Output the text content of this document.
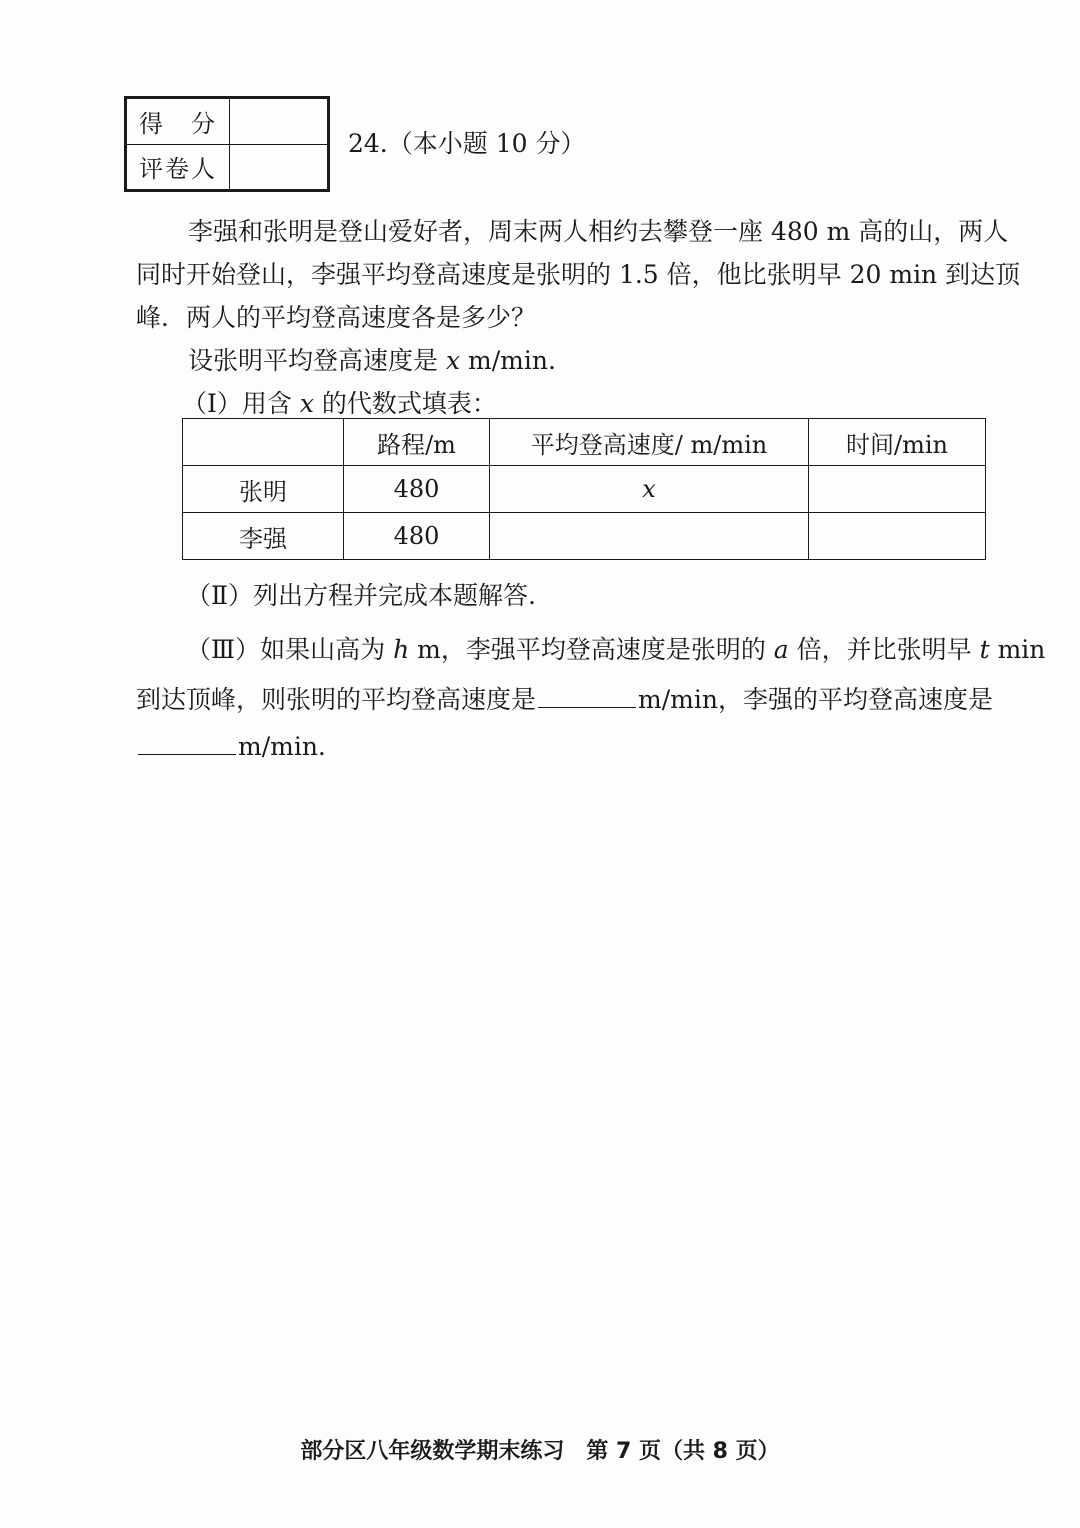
得　分	
评卷人	
24.（本小题 10 分）
李强和张明是登山爱好者，周末两人相约去攀登一座 480 m 高的山，两人
同时开始登山，李强平均登高速度是张明的 1.5 倍，他比张明早 20 min 到达顶
峰．两人的平均登高速度各是多少？
设张明平均登高速度是 x m/min.
（Ⅰ）用含 x 的代数式填表：
	路程/m	平均登高速度/ m/min	时间/min
张明	480	x	
李强	480		
（Ⅱ）列出方程并完成本题解答.
（Ⅲ）如果山高为 h m，李强平均登高速度是张明的 a 倍，并比张明早 t min
到达顶峰，则张明的平均登高速度是	m/min，李强的平均登高速度是
m/min.
部分区八年级数学期末练习　第 7 页（共 8 页）
